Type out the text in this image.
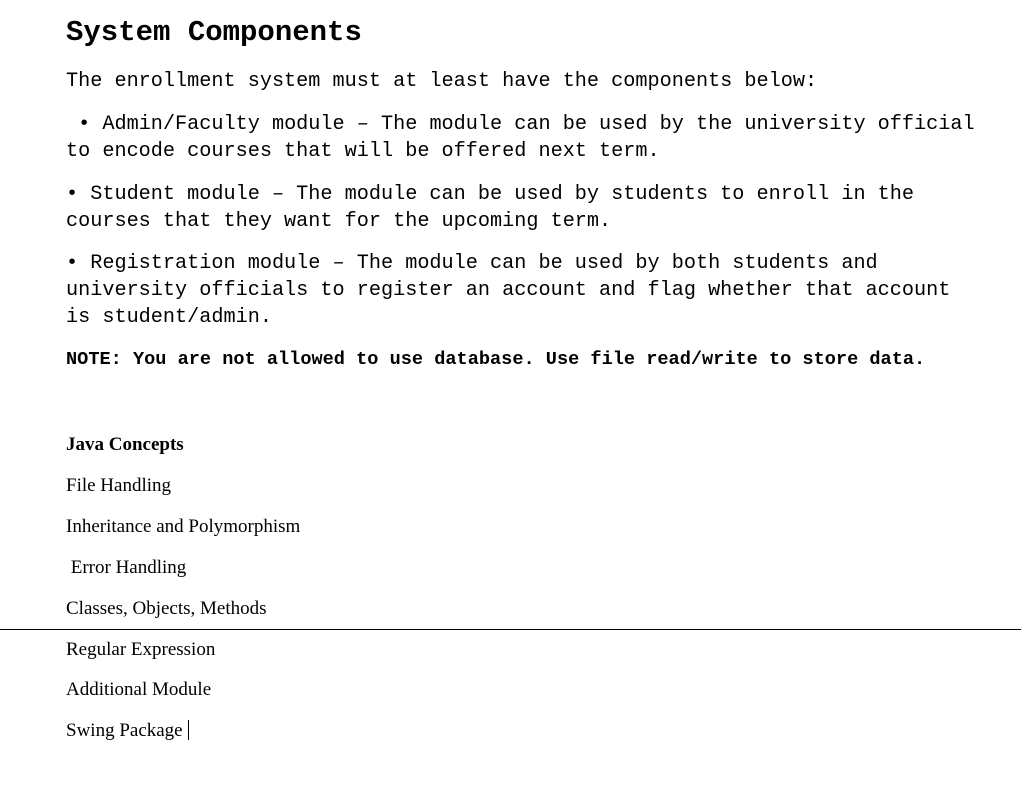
System Components

The enrollment system must at least have the components below:

• Admin/Faculty module – The module can be used by the university official to encode courses that will be offered next term.

• Student module – The module can be used by students to enroll in the courses that they want for the upcoming term.

• Registration module – The module can be used by both students and university officials to register an account and flag whether that account is student/admin.

NOTE: You are not allowed to use database. Use file read/write to store data.

Java Concepts
File Handling
Inheritance and Polymorphism
Error Handling
Classes, Objects, Methods
Regular Expression
Additional Module
Swing Package
